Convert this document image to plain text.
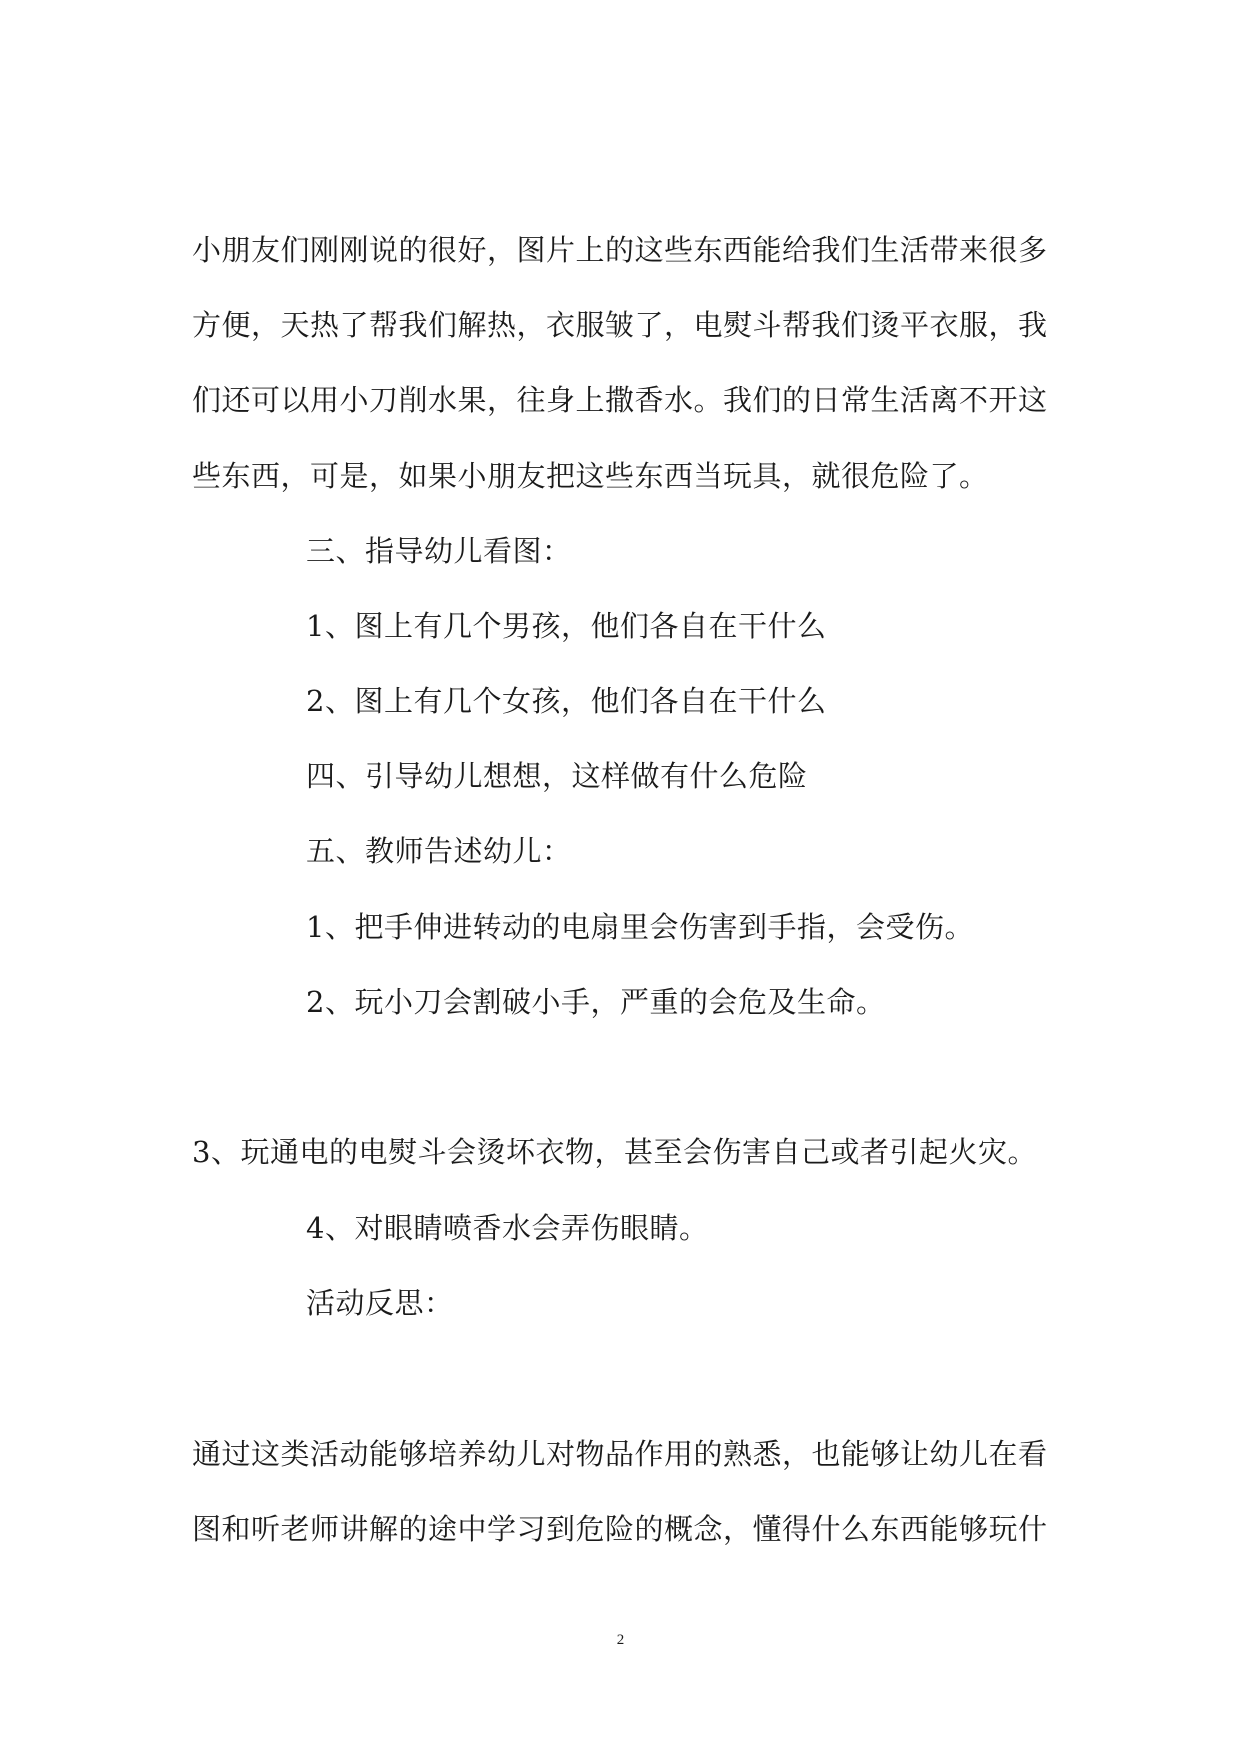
小朋友们刚刚说的很好，图片上的这些东西能给我们生活带来很多
方便，天热了帮我们解热，衣服皱了，电熨斗帮我们烫平衣服，我
们还可以用小刀削水果，往身上撒香水。我们的日常生活离不开这
些东西，可是，如果小朋友把这些东西当玩具，就很危险了。
三、指导幼儿看图：
1、图上有几个男孩，他们各自在干什么
2、图上有几个女孩，他们各自在干什么
四、引导幼儿想想，这样做有什么危险
五、教师告述幼儿：
1、把手伸进转动的电扇里会伤害到手指，会受伤。
2、玩小刀会割破小手，严重的会危及生命。
3、玩通电的电熨斗会烫坏衣物，甚至会伤害自己或者引起火灾。
4、对眼睛喷香水会弄伤眼睛。
活动反思：
通过这类活动能够培养幼儿对物品作用的熟悉，也能够让幼儿在看
图和听老师讲解的途中学习到危险的概念，懂得什么东西能够玩什
2
